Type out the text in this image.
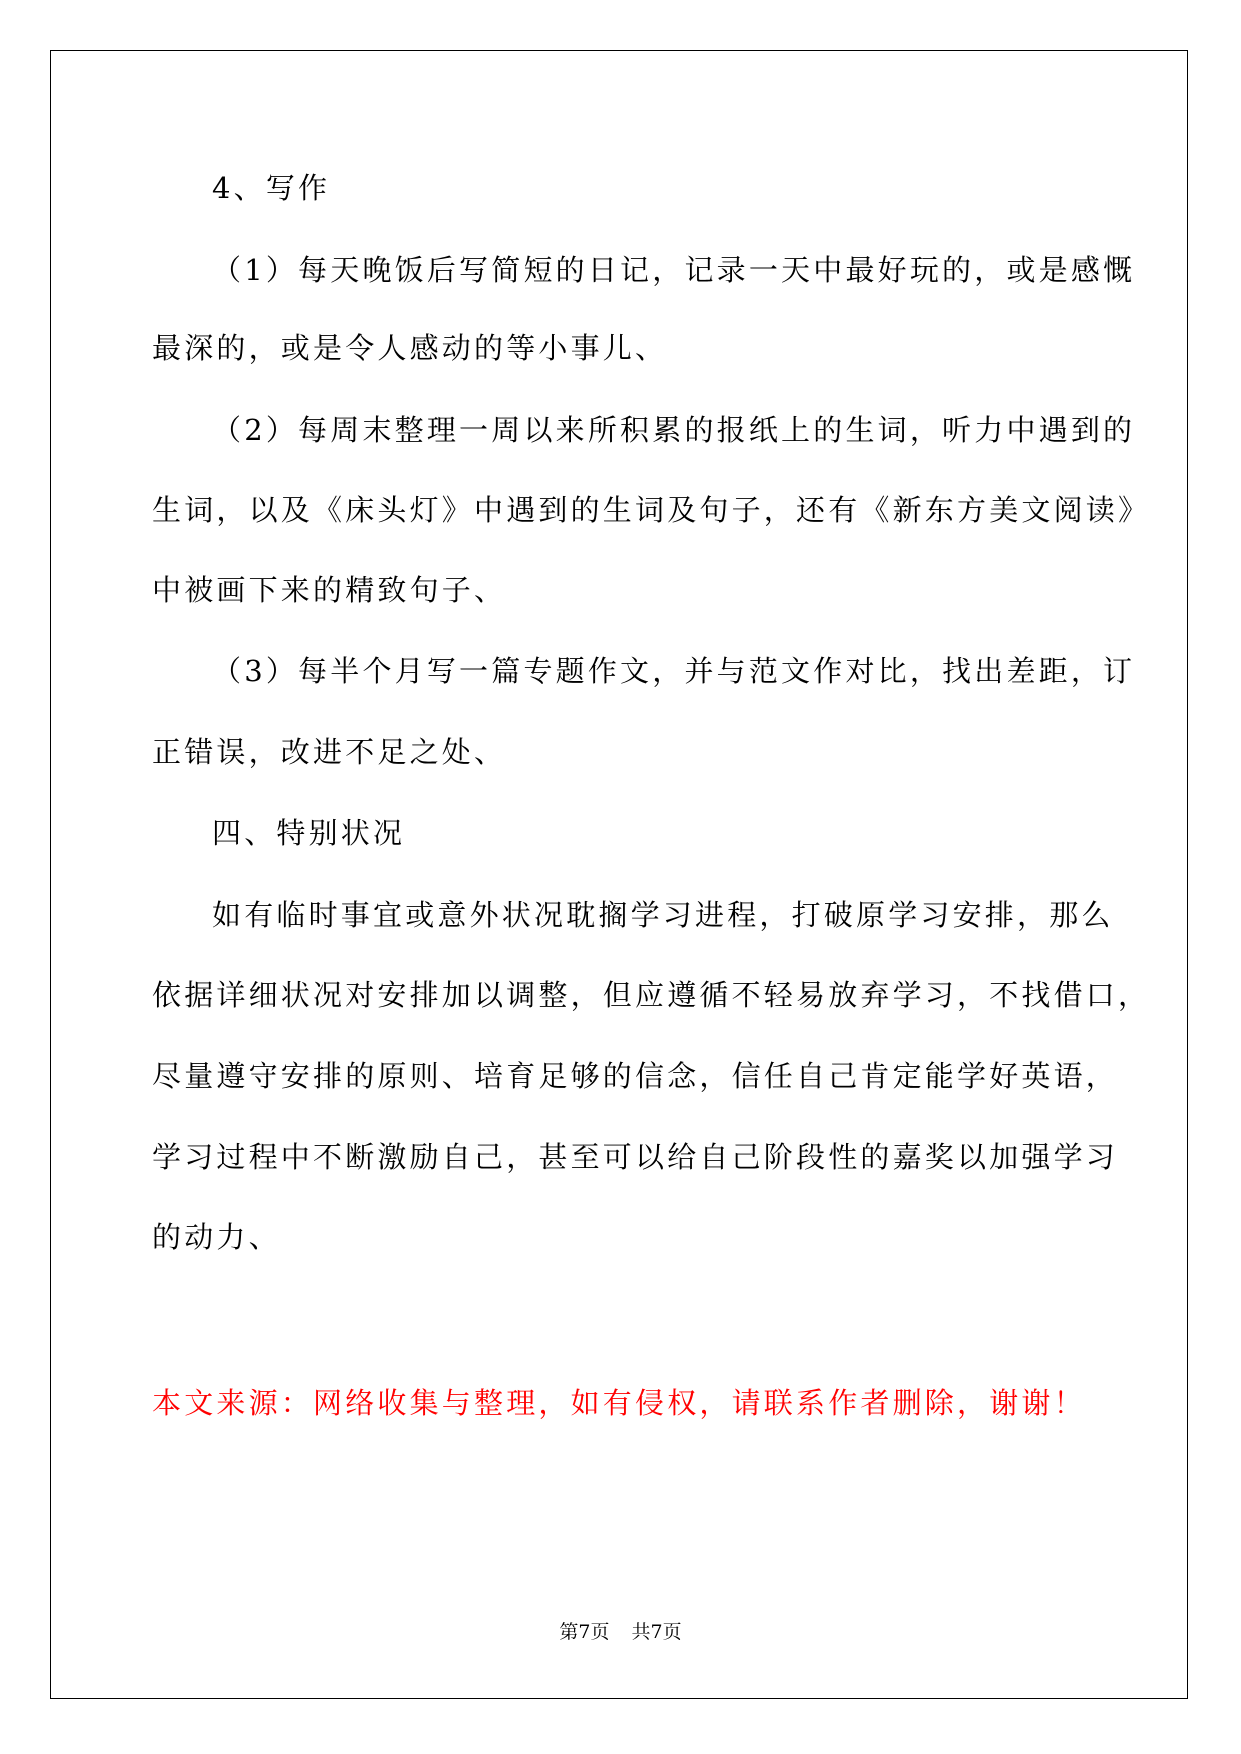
4、写作
（1）每天晚饭后写简短的日记，记录一天中最好玩的，或是感慨
最深的，或是令人感动的等小事儿、
（2）每周末整理一周以来所积累的报纸上的生词，听力中遇到的
生词，以及《床头灯》中遇到的生词及句子，还有《新东方美文阅读》
中被画下来的精致句子、
（3）每半个月写一篇专题作文，并与范文作对比，找出差距，订
正错误，改进不足之处、
四、特别状况
如有临时事宜或意外状况耽搁学习进程，打破原学习安排，那么
依据详细状况对安排加以调整，但应遵循不轻易放弃学习，不找借口，
尽量遵守安排的原则、培育足够的信念，信任自己肯定能学好英语，
学习过程中不断激励自己，甚至可以给自己阶段性的嘉奖以加强学习
的动力、
本文来源：网络收集与整理，如有侵权，请联系作者删除，谢谢！
第7页 共7页
